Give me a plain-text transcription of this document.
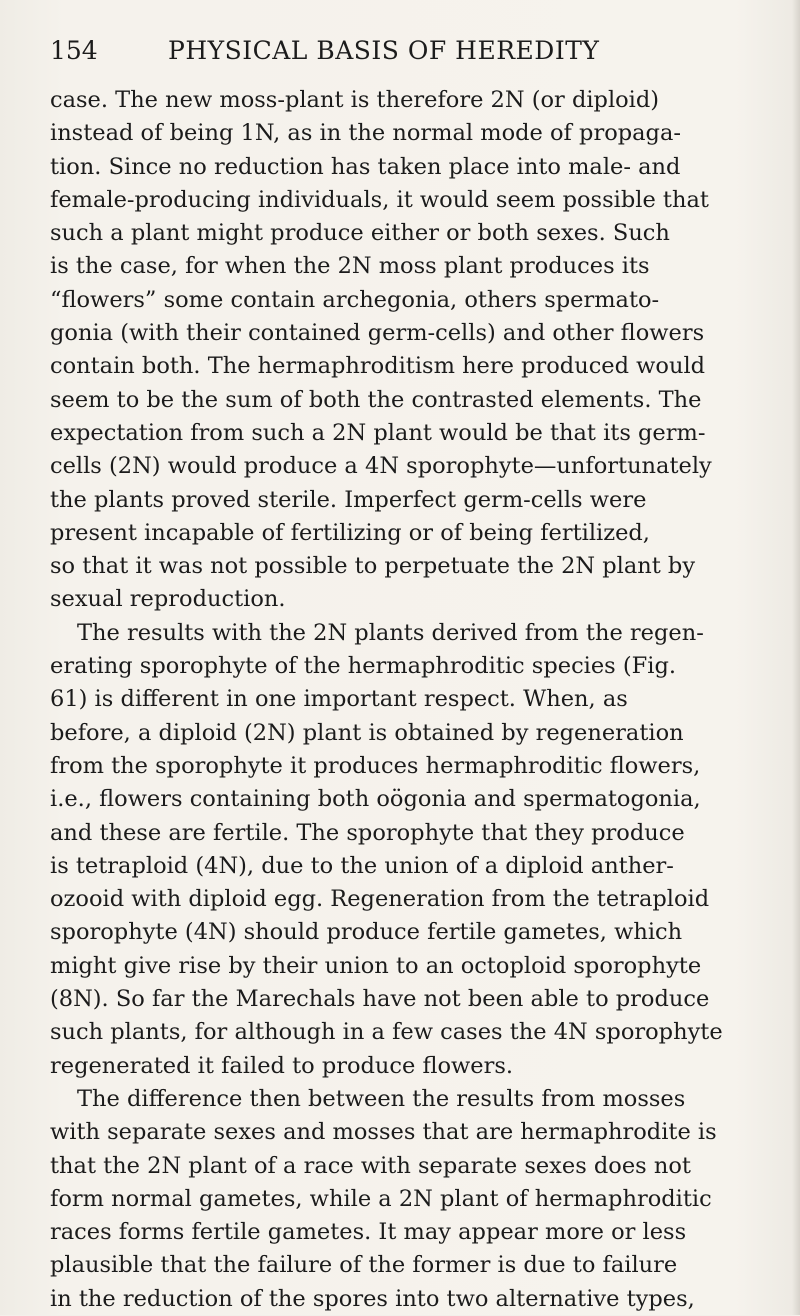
154	PHYSICAL BASIS OF HEREDITY
case. The new moss-plant is therefore 2N (or diploid)
instead of being 1N, as in the normal mode of propaga-
tion. Since no reduction has taken place into male- and
female-producing individuals, it would seem possible that
such a plant might produce either or both sexes. Such
is the case, for when the 2N moss plant produces its
“flowers” some contain archegonia, others spermato-
gonia (with their contained germ-cells) and other flowers
contain both. The hermaphroditism here produced would
seem to be the sum of both the contrasted elements. The
expectation from such a 2N plant would be that its germ-
cells (2N) would produce a 4N sporophyte—unfortunately
the plants proved sterile. Imperfect germ-cells were
present incapable of fertilizing or of being fertilized,
so that it was not possible to perpetuate the 2N plant by
sexual reproduction.
The results with the 2N plants derived from the regen-
erating sporophyte of the hermaphroditic species (Fig.
61) is different in one important respect. When, as
before, a diploid (2N) plant is obtained by regeneration
from the sporophyte it produces hermaphroditic flowers,
i.e., flowers containing both oögonia and spermatogonia,
and these are fertile. The sporophyte that they produce
is tetraploid (4N), due to the union of a diploid anther-
ozooid with diploid egg. Regeneration from the tetraploid
sporophyte (4N) should produce fertile gametes, which
might give rise by their union to an octoploid sporophyte
(8N). So far the Marechals have not been able to produce
such plants, for although in a few cases the 4N sporophyte
regenerated it failed to produce flowers.
The difference then between the results from mosses
with separate sexes and mosses that are hermaphrodite is
that the 2N plant of a race with separate sexes does not
form normal gametes, while a 2N plant of hermaphroditic
races forms fertile gametes. It may appear more or less
plausible that the failure of the former is due to failure
in the reduction of the spores into two alternative types,
